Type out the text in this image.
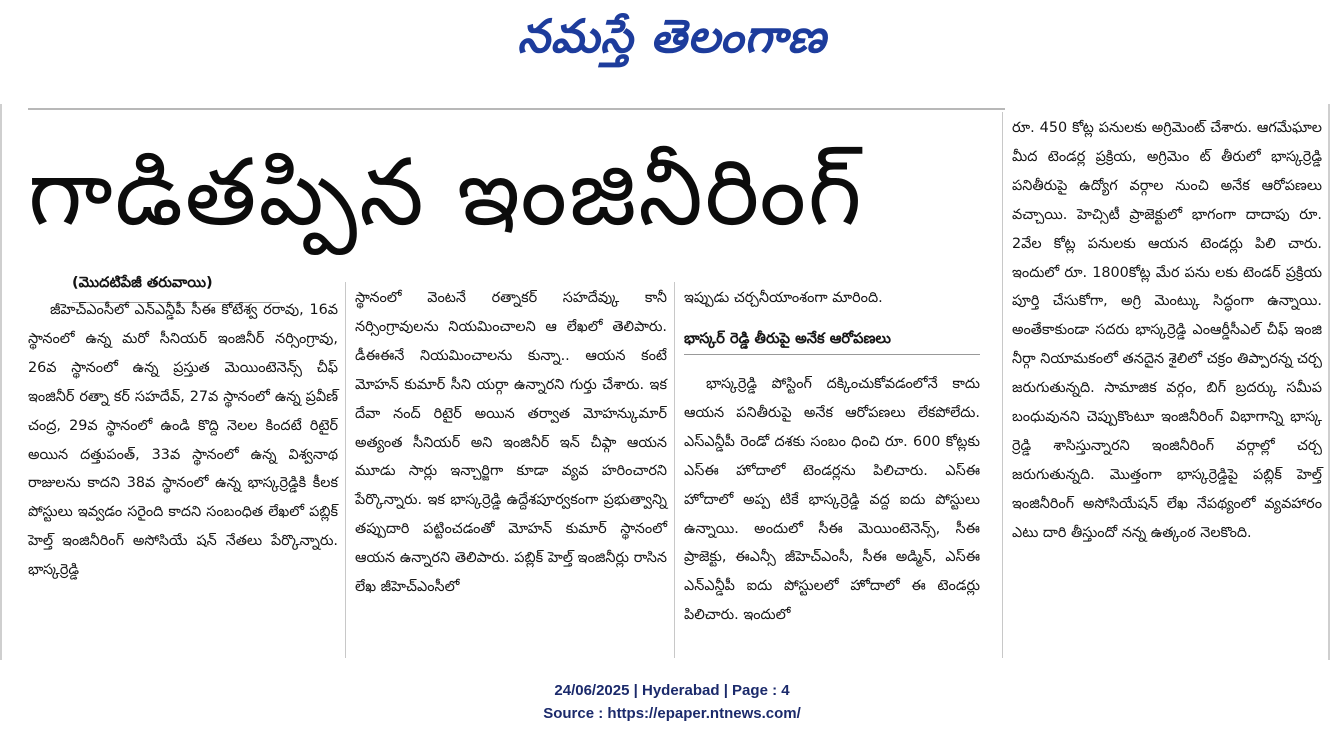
నమస్తే తెలంగాణ
గాడితప్పిన ఇంజినీరింగ్
(మొదటిపేజీ తరువాయి)

జీహెచ్ఎంసీలో ఎన్ఎన్డీపీ సీఈ కోటేశ్వ రరావు, 16వ స్థానంలో ఉన్న మరో సీనియర్ ఇంజినీర్ నర్సింగ్రావు, 26వ స్థానంలో ఉన్న ప్రస్తుత మెయింటెనెన్స్ చీఫ్ ఇంజినీర్ రత్నా కర్ సహదేవ్, 27వ స్థానంలో ఉన్న ప్రవీణ్ చంద్ర, 29వ స్థానంలో ఉండి కొద్ది నెలల కిందటే రిటైర్ అయిన దత్తుపంత్, 33వ స్థానంలో ఉన్న విశ్వనాథ రాజులను కాదని 38వ స్థానంలో ఉన్న భాస్కర్రెడ్డికి కీలక పోస్టులు ఇవ్వడం సరైంది కాదని సంబంధిత లేఖలో పబ్లిక్ హెల్త్ ఇంజినీరింగ్ అసోసియే షన్ నేతలు పేర్కొన్నారు. భాస్కర్రెడ్డి

స్థానంలో వెంటనే రత్నాకర్ సహదేవ్కు కానీ నర్సింగ్రావులను నియమించాలని ఆ లేఖలో తెలిపారు. డీఈఈనే నియమించాలను కున్నా.. ఆయన కంటే మోహన్ కుమార్ సీని యర్గా ఉన్నారని గుర్తు చేశారు. ఇక దేవా నంద్ రిటైర్ అయిన తర్వాత మోహన్కుమార్ అత్యంత సీనియర్ అని ఇంజినీర్ ఇన్ చీఫ్గా ఆయన మూడు సార్లు ఇన్చార్జిగా కూడా వ్యవ హరించారని పేర్కొన్నారు. ఇక భాస్కర్రెడ్డి ఉద్దేశపూర్వకంగా ప్రభుత్వాన్ని తప్పుదారి పట్టించడంతో మోహన్ కుమార్ స్థానంలో ఆయన ఉన్నారని తెలిపారు. పబ్లిక్ హెల్త్ ఇంజినీర్లు రాసిన లేఖ జీహెచ్ఎంసీలో

ఇప్పుడు చర్చనీయాంశంగా మారింది.
భాస్కర్ రెడ్డి తీరుపై అనేక ఆరోపణలు

భాస్కర్రెడ్డి పోస్టింగ్ దక్కించుకోవడంలోనే కాదు ఆయన పనితీరుపై అనేక ఆరోపణలు లేకపోలేదు. ఎస్ఎన్డీపీ రెండో దశకు సంబం ధించి రూ. 600 కోట్లకు ఎస్ఈ హోదాలో టెండర్లను పిలిచారు. ఎస్ఈ హోదాలో అప్ప టికే భాస్కర్రెడ్డి వద్ద ఐదు పోస్టులు ఉన్నాయి. అందులో సీఈ మెయింటెనెన్స్, సీఈ ప్రాజెక్టు, ఈఎన్సీ జీహెచ్ఎంసీ, సీఈ అడ్మిన్, ఎస్ఈ ఎన్ఎన్డీపీ ఐదు పోస్టులలో హోదాలో ఈ టెండర్లు పిలిచారు. ఇందులో

రూ. 450 కోట్ల పనులకు అగ్రిమెంట్ చేశారు. ఆగమేఘాల మీద టెండర్ల ప్రక్రియ, అగ్రిమెం ట్ తీరులో భాస్కర్రెడ్డి పనితీరుపై ఉద్యోగ వర్గాల నుంచి అనేక ఆరోపణలు వచ్చాయి. హెచ్సిటీ ప్రాజెక్టులో భాగంగా దాదాపు రూ. 2వేల కోట్ల పనులకు ఆయన టెండర్లు పిలి చారు. ఇందులో రూ. 1800కోట్ల మేర పను లకు టెండర్ ప్రక్రియ పూర్తి చేసుకోగా, అగ్రి మెంట్కు సిద్ధంగా ఉన్నాయి. అంతేకాకుండా సదరు భాస్కర్రెడ్డి ఎంఆర్డీసీఎల్ చీఫ్ ఇంజి నీర్గా నియామకంలో తనదైన శైలిలో చక్రం తిప్పారన్న చర్చ జరుగుతున్నది. సామాజిక వర్గం, బిగ్ బ్రదర్కు సమీప బంధువునని చెప్పుకొంటూ ఇంజినీరింగ్ విభాగాన్ని భాస్క ర్రెడ్డి శాసిస్తున్నారని ఇంజినీరింగ్ వర్గాల్లో చర్చ జరుగుతున్నది. మొత్తంగా భాస్కర్రెడ్డిపై పబ్లిక్ హెల్త్ ఇంజినీరింగ్ అసోసియేషన్ లేఖ నేపథ్యంలో వ్యవహారం ఎటు దారి తీస్తుందో నన్న ఉత్కంఠ నెలకొంది.

24/06/2025 | Hyderabad | Page : 4
Source : https://epaper.ntnews.com/
